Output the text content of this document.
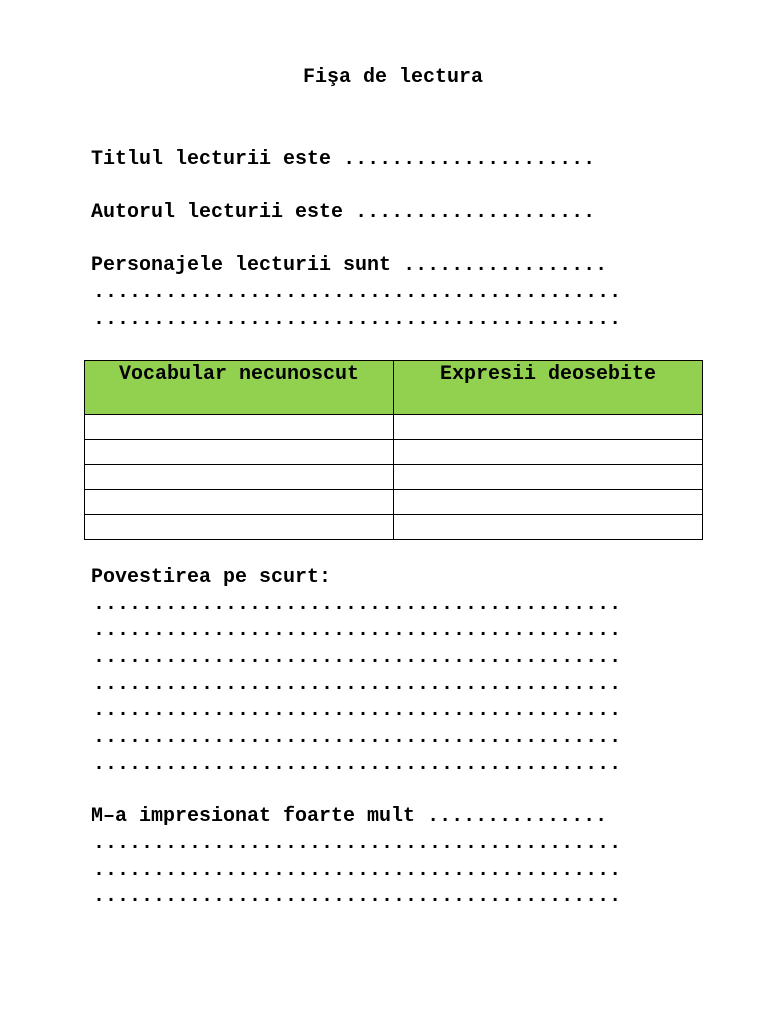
Fişa de lectura
Titlul lecturii este .....................
Autorul lecturii este ....................
Personajele lecturii sunt .................
............................................
............................................
Vocabular necunoscut	Expresii deosebite

Povestirea pe scurt:
............................................
............................................
............................................
............................................
............................................
............................................
............................................
M–a impresionat foarte mult ...............
............................................
............................................
............................................
